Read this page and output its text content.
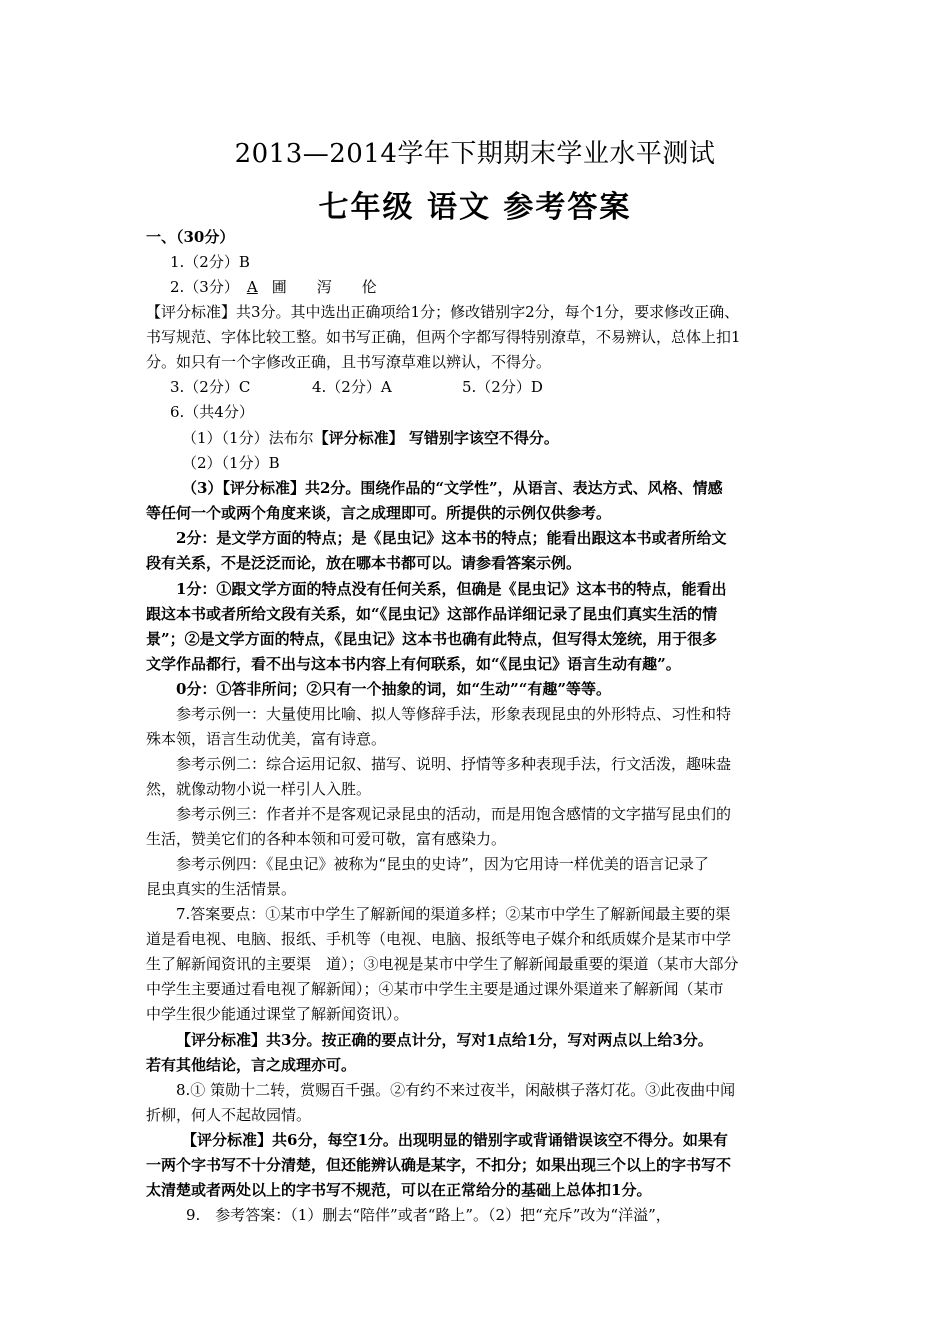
2013—2014学年下期期末学业水平测试
七年级 语文 参考答案
一、（30分）
1.（2分）B
2.（3分） A 圃　　泻　　伦
【评分标准】共3分。其中选出正确项给1分；修改错别字2分，每个1分，要求修改正确、
书写规范、字体比较工整。如书写正确，但两个字都写得特别潦草，不易辨认，总体上扣1
分。如只有一个字修改正确，且书写潦草难以辨认，不得分。
3.（2分）C	4.（2分）A	5.（2分）D
6.（共4分）
（1）（1分）法布尔【评分标准】 写错别字该空不得分。
（2）（1分）B
（3）【评分标准】共2分。围绕作品的“文学性”，从语言、表达方式、风格、情感
等任何一个或两个角度来谈，言之成理即可。所提供的示例仅供参考。
2分：是文学方面的特点；是《昆虫记》这本书的特点；能看出跟这本书或者所给文
段有关系，不是泛泛而论，放在哪本书都可以。请参看答案示例。
1分：①跟文学方面的特点没有任何关系，但确是《昆虫记》这本书的特点，能看出
跟这本书或者所给文段有关系，如“《昆虫记》这部作品详细记录了昆虫们真实生活的情
景”；②是文学方面的特点，《昆虫记》这本书也确有此特点，但写得太笼统，用于很多
文学作品都行，看不出与这本书内容上有何联系，如“《昆虫记》语言生动有趣”。
0分：①答非所问；②只有一个抽象的词，如“生动”“有趣”等等。
参考示例一：大量使用比喻、拟人等修辞手法，形象表现昆虫的外形特点、习性和特
殊本领，语言生动优美，富有诗意。
参考示例二：综合运用记叙、描写、说明、抒情等多种表现手法，行文活泼，趣味盎
然，就像动物小说一样引人入胜。
参考示例三：作者并不是客观记录昆虫的活动，而是用饱含感情的文字描写昆虫们的
生活，赞美它们的各种本领和可爱可敬，富有感染力。
参考示例四：《昆虫记》被称为“昆虫的史诗”，因为它用诗一样优美的语言记录了
昆虫真实的生活情景。
7.答案要点：①某市中学生了解新闻的渠道多样；②某市中学生了解新闻最主要的渠
道是看电视、电脑、报纸、手机等（电视、电脑、报纸等电子媒介和纸质媒介是某市中学
生了解新闻资讯的主要渠　道）；③电视是某市中学生了解新闻最重要的渠道（某市大部分
中学生主要通过看电视了解新闻）；④某市中学生主要是通过课外渠道来了解新闻（某市
中学生很少能通过课堂了解新闻资讯）。
【评分标准】共3分。按正确的要点计分，写对1点给1分，写对两点以上给3分。
若有其他结论，言之成理亦可。
8.① 策勋十二转，赏赐百千强。②有约不来过夜半，闲敲棋子落灯花。③此夜曲中闻
折柳，何人不起故园情。
【评分标准】共6分，每空1分。出现明显的错别字或背诵错误该空不得分。如果有
一两个字书写不十分清楚，但还能辨认确是某字，不扣分；如果出现三个以上的字书写不
太清楚或者两处以上的字书写不规范，可以在正常给分的基础上总体扣1分。
9.　参考答案：（1）删去“陪伴”或者“路上”。（2）把“充斥”改为“洋溢”，
